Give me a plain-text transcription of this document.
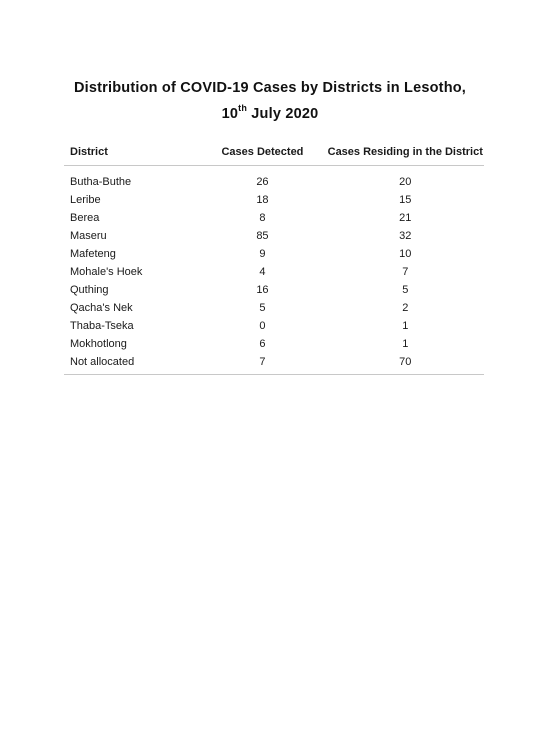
Distribution of COVID-19 Cases by Districts in Lesotho,
10th July 2020
District	Cases Detected	Cases Residing in the District
Butha-Buthe	26	20
Leribe	18	15
Berea	8	21
Maseru	85	32
Mafeteng	9	10
Mohale's Hoek	4	7
Quthing	16	5
Qacha's Nek	5	2
Thaba-Tseka	0	1
Mokhotlong	6	1
Not allocated	7	70
